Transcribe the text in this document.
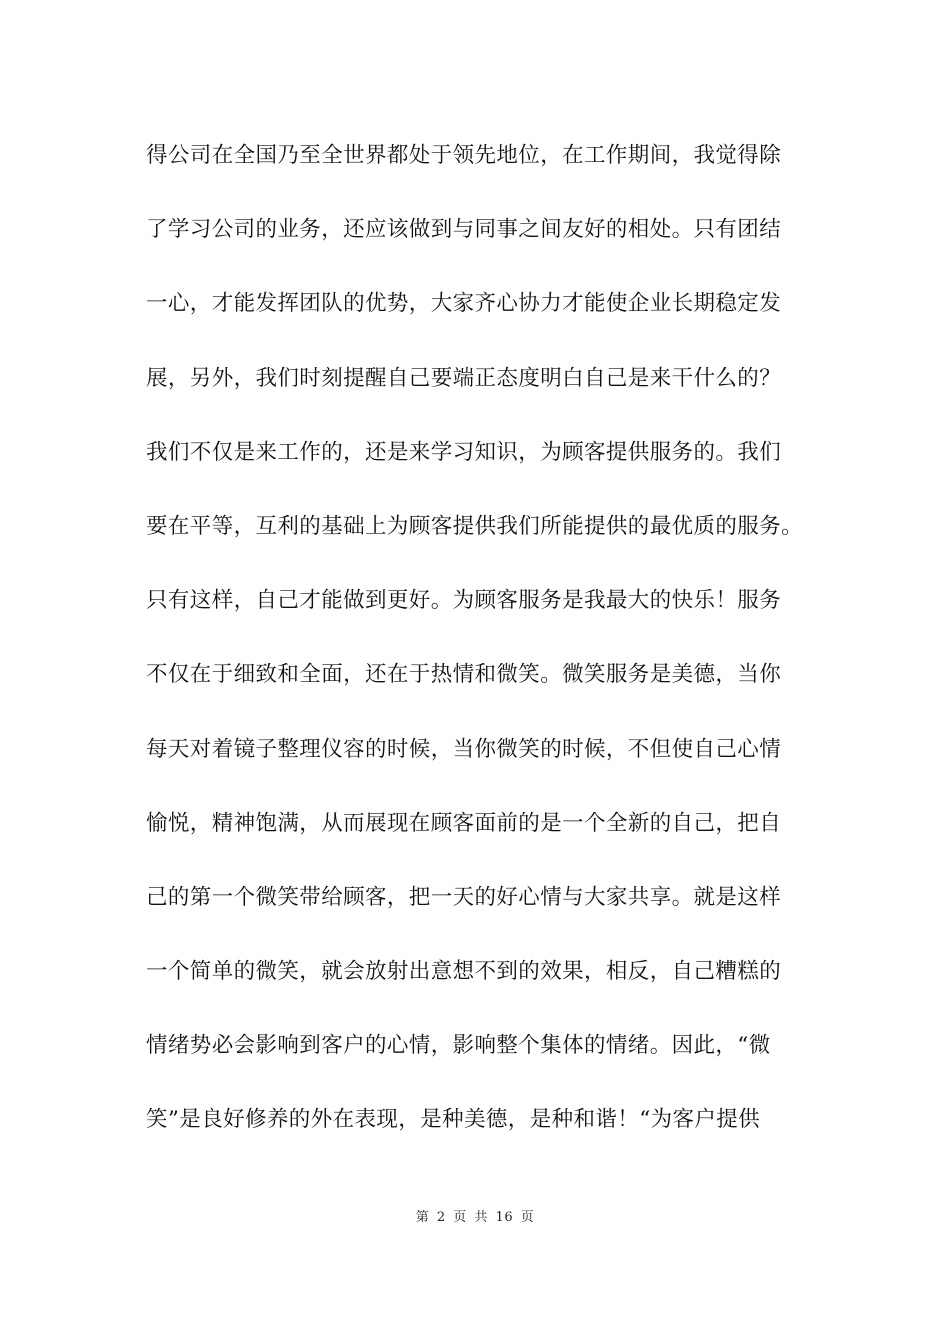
得公司在全国乃至全世界都处于领先地位，在工作期间，我觉得除
了学习公司的业务，还应该做到与同事之间友好的相处。只有团结
一心，才能发挥团队的优势，大家齐心协力才能使企业长期稳定发
展，另外，我们时刻提醒自己要端正态度明白自己是来干什么的？
我们不仅是来工作的，还是来学习知识，为顾客提供服务的。我们
要在平等，互利的基础上为顾客提供我们所能提供的最优质的服务。
只有这样，自己才能做到更好。为顾客服务是我最大的快乐！服务
不仅在于细致和全面，还在于热情和微笑。微笑服务是美德，当你
每天对着镜子整理仪容的时候，当你微笑的时候，不但使自己心情
愉悦，精神饱满，从而展现在顾客面前的是一个全新的自己，把自
己的第一个微笑带给顾客，把一天的好心情与大家共享。就是这样
一个简单的微笑，就会放射出意想不到的效果，相反，自己糟糕的
情绪势必会影响到客户的心情，影响整个集体的情绪。因此，“微
笑”是良好修养的外在表现，是种美德，是种和谐！“为客户提供
第 2 页 共 16 页
